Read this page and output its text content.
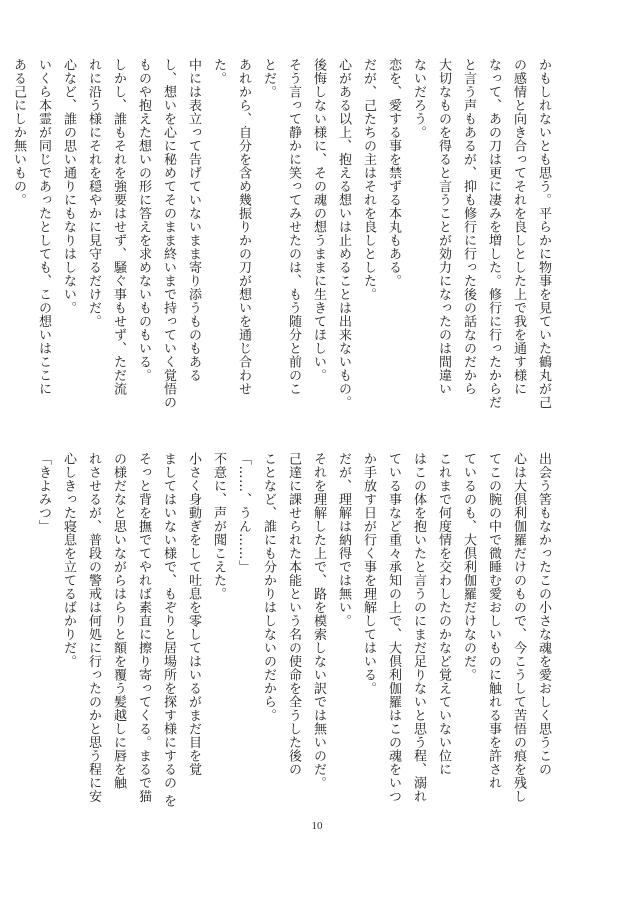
かもしれないとも思う。平らかに物事を見ていた鶴丸が己
の感情と向き合ってそれを良しとした上で我を通す様に
なって、あの刀は更に凄みを増した。修行に行ったからだ
と言う声もあるが、抑も修行に行った後の話なのだから
大切なものを得ると言うことが効力になったのは間違い
ないだろう。
恋を、愛する事を禁ずる本丸もある。
だが、己たちの主はそれを良しとした。
心がある以上、抱える想いは止めることは出来ないもの。
後悔しない様に、その魂の想うままに生きてほしい。
そう言って静かに笑ってみせたのは、もう随分と前のこ
とだ。
あれから、自分を含め幾振りかの刀が想いを通じ合わせ
た。
中には表立って告げていないまま寄り添うものもある
し、想いを心に秘めてそのまま終いまで持っていく覚悟の
ものや抱えた想いの形に答えを求めないものもいる。
しかし、誰もそれを強要はせず、騒ぐ事もせず、ただ流
れに沿う様にそれを穏やかに見守るだけだ。
心など、誰の思い通りにもなりはしない。
いくら本霊が同じであったとしても、この想いはここに
ある己にしか無いもの。
出会う筈もなかったこの小さな魂を愛おしく思うこの
心は大倶利伽羅だけのもので、今こうして苦悟の痕を残し
てこの腕の中で微睡む愛おしいものに触れる事を許され
ているのも、大倶利伽羅だけなのだ。
これまで何度情を交わしたのかなど覚えていない位に
はこの体を抱いたと言うのにまだ足りないと思う程、溺れ
ている事など重々承知の上で、大倶利伽羅はこの魂をいつ
か手放す日が行く事を理解してはいる。
だが、理解は納得では無い。
それを理解した上で、路を模索しない訳では無いのだ。
己達に課せられた本能という名の使命を全うした後の
ことなど、誰にも分かりはしないのだから。
「……、うん……」
不意に、声が聞こえた。
小さく身動ぎをして吐息を零してはいるがまだ目を覚
ましてはいない様で、もぞりと居場所を探す様にするの を
そっと背を撫でてやれば素直に擦り寄ってくる。まるで猫
の様だなと思いながらはらりと額を覆う髪越しに唇を触
れさせるが、普段の警戒は何処に行ったのかと思う程に安
心しきった寝息を立てるばかりだ。
「きよみつ」
10
